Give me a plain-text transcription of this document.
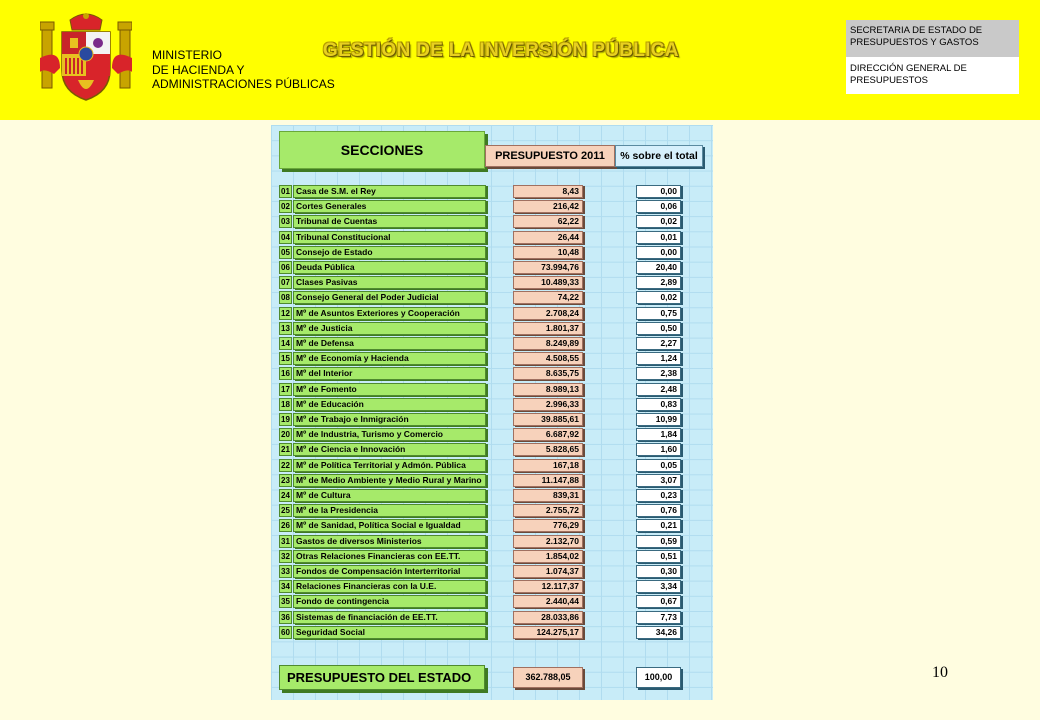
MINISTERIO
DE HACIENDA Y
ADMINISTRACIONES PÚBLICAS
GESTIÓN DE LA INVERSIÓN PÚBLICA
SECRETARIA DE ESTADO DE PRESUPUESTOS Y GASTOS
DIRECCIÓN GENERAL DE PRESUPUESTOS
SECCIONES	PRESUPUESTO 2011	% sobre el total
01 Casa de S.M. el Rey	8,43	0,00
02 Cortes Generales	216,42	0,06
03 Tribunal de Cuentas	62,22	0,02
04 Tribunal Constitucional	26,44	0,01
05 Consejo de Estado	10,48	0,00
06 Deuda Pública	73.994,76	20,40
07 Clases Pasivas	10.489,33	2,89
08 Consejo General del Poder Judicial	74,22	0,02
12 Mº de Asuntos Exteriores y Cooperación	2.708,24	0,75
13 Mº de Justicia	1.801,37	0,50
14 Mº de Defensa	8.249,89	2,27
15 Mº de Economía y Hacienda	4.508,55	1,24
16 Mº del Interior	8.635,75	2,38
17 Mº de Fomento	8.989,13	2,48
18 Mº de Educación	2.996,33	0,83
19 Mº de Trabajo e Inmigración	39.885,61	10,99
20 Mº de Industria, Turismo y Comercio	6.687,92	1,84
21 Mº de Ciencia e Innovación	5.828,65	1,60
22 Mº de Política Territorial y Admón. Pública	167,18	0,05
23 Mº de Medio Ambiente y Medio Rural y Marino	11.147,88	3,07
24 Mº de Cultura	839,31	0,23
25 Mº de la Presidencia	2.755,72	0,76
26 Mº de Sanidad, Política Social e Igualdad	776,29	0,21
31 Gastos de diversos Ministerios	2.132,70	0,59
32 Otras Relaciones Financieras con EE.TT.	1.854,02	0,51
33 Fondos de Compensación Interterritorial	1.074,37	0,30
34 Relaciones Financieras con la U.E.	12.117,37	3,34
35 Fondo de contingencia	2.440,44	0,67
36 Sistemas de financiación de EE.TT.	28.033,86	7,73
60 Seguridad Social	124.275,17	34,26
PRESUPUESTO DEL ESTADO	362.788,05	100,00	10
